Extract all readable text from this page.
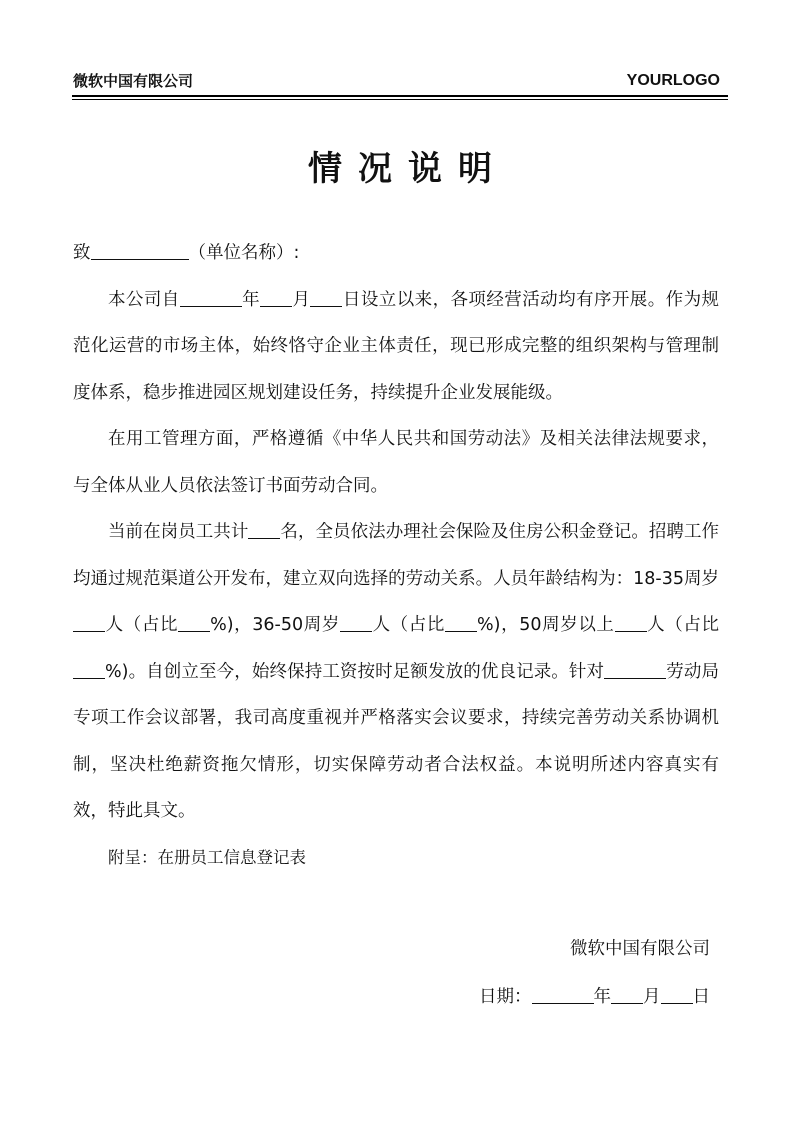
微软中国有限公司	YOURLOGO
情况说明

致	（单位名称）:

本公司自	年 月 日设立以来，各项经营活动均有序开展。作为规范化运营的市场主体，始终恪守企业主体责任，现已形成完整的组织架构与管理制度体系，稳步推进园区规划建设任务，持续提升企业发展能级。

在用工管理方面，严格遵循《中华人民共和国劳动法》及相关法律法规要求，与全体从业人员依法签订书面劳动合同。

当前在岗员工共计 名，全员依法办理社会保险及住房公积金登记。招聘工作均通过规范渠道公开发布，建立双向选择的劳动关系。人员年龄结构为：18-35周岁人（占比 %)，36-50周岁 人（占比 %)，50周岁以上 人（占比%)。自创立至今，始终保持工资按时足额发放的优良记录。针对	劳动局专项工作会议部署，我司高度重视并严格落实会议要求，持续完善劳动关系协调机制，坚决杜绝薪资拖欠情形，切实保障劳动者合法权益。本说明所述内容真实有效，特此具文。

附呈：在册员工信息登记表

微软中国有限公司
日期：	年 月 日
